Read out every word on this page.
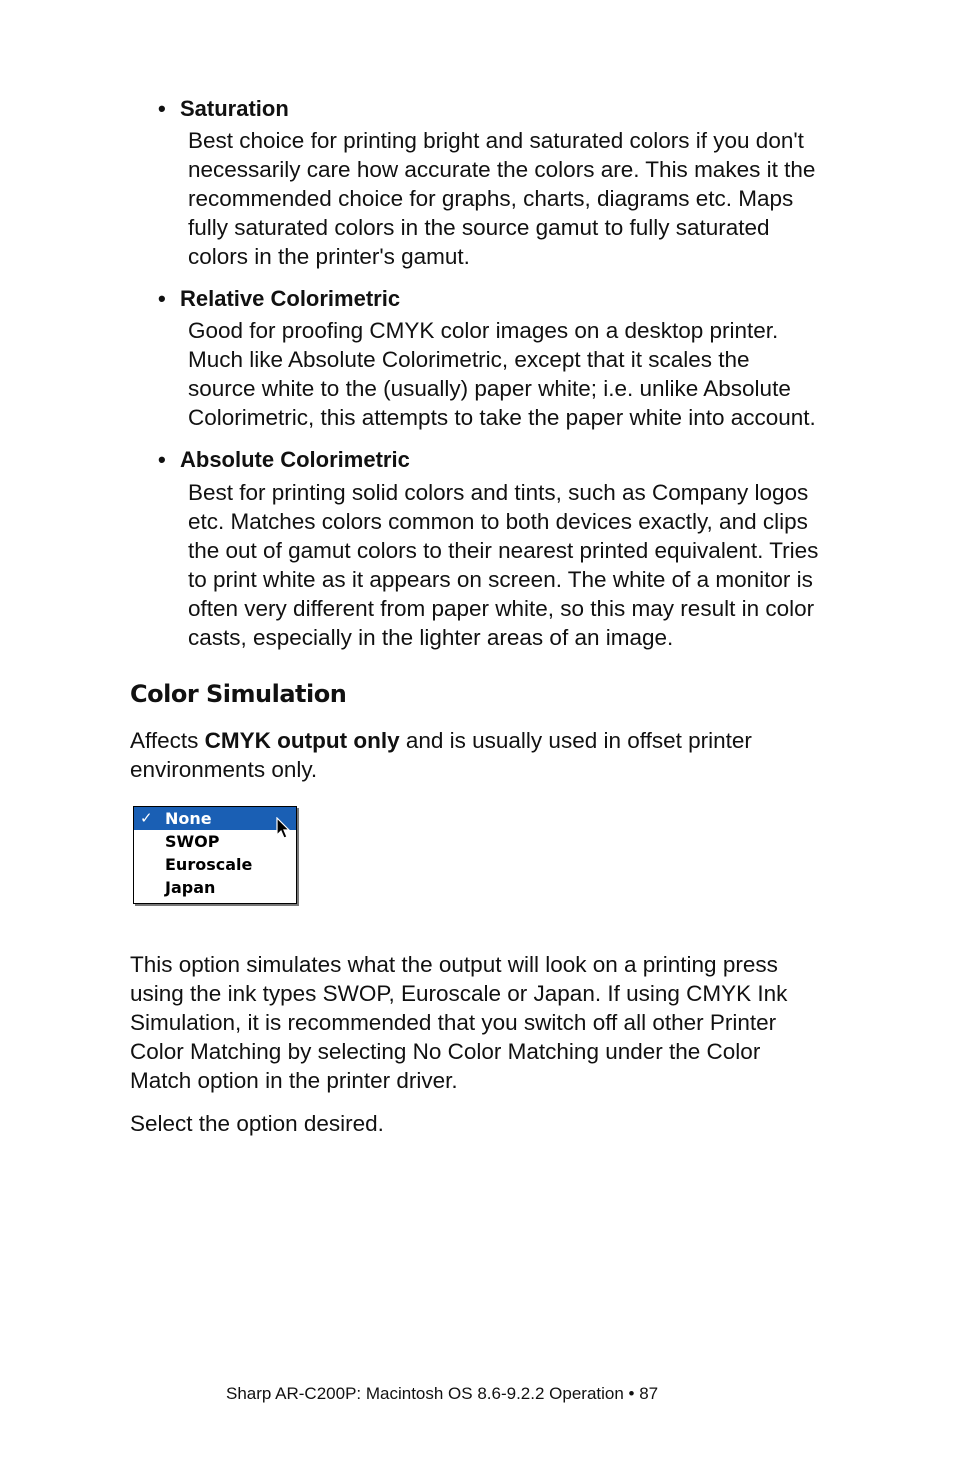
• Saturation
Best choice for printing bright and saturated colors if you don't
necessarily care how accurate the colors are. This makes it the
recommended choice for graphs, charts, diagrams etc. Maps
fully saturated colors in the source gamut to fully saturated
colors in the printer's gamut.
• Relative Colorimetric
Good for proofing CMYK color images on a desktop printer.
Much like Absolute Colorimetric, except that it scales the
source white to the (usually) paper white; i.e. unlike Absolute
Colorimetric, this attempts to take the paper white into account.
• Absolute Colorimetric
Best for printing solid colors and tints, such as Company logos
etc. Matches colors common to both devices exactly, and clips
the out of gamut colors to their nearest printed equivalent. Tries
to print white as it appears on screen. The white of a monitor is
often very different from paper white, so this may result in color
casts, especially in the lighter areas of an image.
Color Simulation
Affects CMYK output only and is usually used in offset printer
environments only.
✓ None
SWOP
Euroscale
Japan
This option simulates what the output will look on a printing press
using the ink types SWOP, Euroscale or Japan. If using CMYK Ink
Simulation, it is recommended that you switch off all other Printer
Color Matching by selecting No Color Matching under the Color
Match option in the printer driver.
Select the option desired.
Sharp AR-C200P: Macintosh OS 8.6-9.2.2 Operation • 87
